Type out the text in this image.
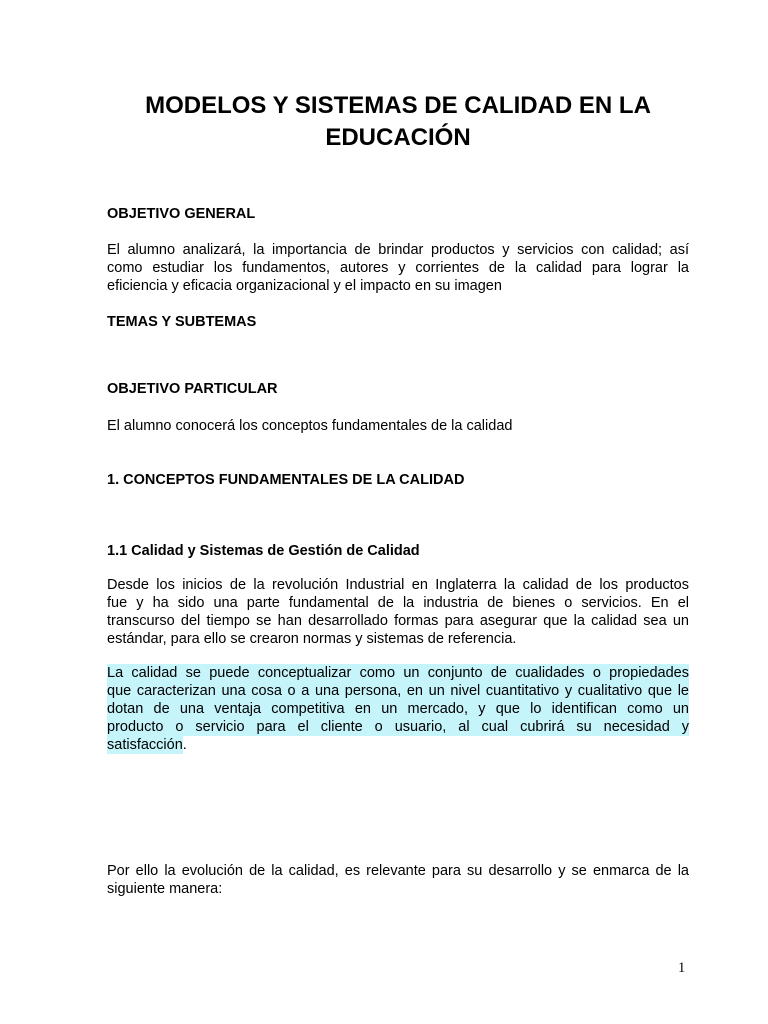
MODELOS Y SISTEMAS DE CALIDAD EN LA
EDUCACIÓN
OBJETIVO GENERAL
El alumno analizará, la importancia de brindar productos y servicios con calidad; así
como estudiar los fundamentos, autores y corrientes de la calidad para lograr la
eficiencia y eficacia organizacional y el impacto en su imagen
TEMAS Y SUBTEMAS
OBJETIVO PARTICULAR
El alumno conocerá los conceptos fundamentales de la calidad
1. CONCEPTOS FUNDAMENTALES DE LA CALIDAD
1.1 Calidad y Sistemas de Gestión de Calidad
Desde los inicios de la revolución Industrial en Inglaterra la calidad de los productos
fue y ha sido una parte fundamental de la industria de bienes o servicios. En el
transcurso del tiempo se han desarrollado formas para asegurar que la calidad sea un
estándar, para ello se crearon normas y sistemas de referencia.
La calidad se puede conceptualizar como un conjunto de cualidades o propiedades
que caracterizan una cosa o a una persona, en un nivel cuantitativo y cualitativo que le
dotan de una ventaja competitiva en un mercado, y que lo identifican como un
producto o servicio para el cliente o usuario, al cual cubrirá su necesidad y
satisfacción.
Por ello la evolución de la calidad, es relevante para su desarrollo y se enmarca de la
siguiente manera:
1
